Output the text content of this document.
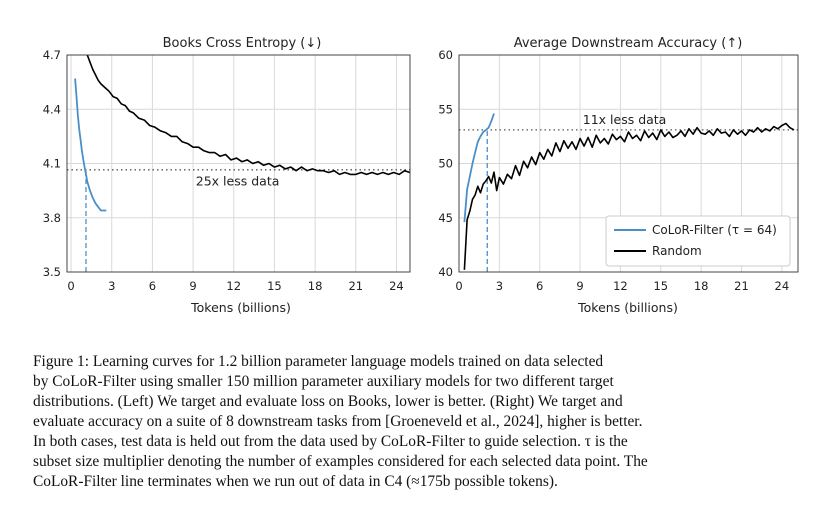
Books Cross Entropy (↓)
0	3	6	9	12 15 18 21 24
3.5
3.8
4.1
4.4
4.7
25x less data
Tokens (billions)
Average Downstream Accuracy (↑)
0	3	6	9	12 15 18 21 24
40
45
50
55
60
11x less data
Tokens (billions)
CoLoR-Filter (τ = 64)
Random
Figure 1: Learning curves for 1.2 billion parameter language models trained on data selected
by CoLoR-Filter using smaller 150 million parameter auxiliary models for two different target
distributions. (Left) We target and evaluate loss on Books, lower is better. (Right) We target and
evaluate accuracy on a suite of 8 downstream tasks from [Groeneveld et al., 2024], higher is better.
In both cases, test data is held out from the data used by CoLoR-Filter to guide selection. τ is the
subset size multiplier denoting the number of examples considered for each selected data point. The
CoLoR-Filter line terminates when we run out of data in C4 (≈175b possible tokens).
